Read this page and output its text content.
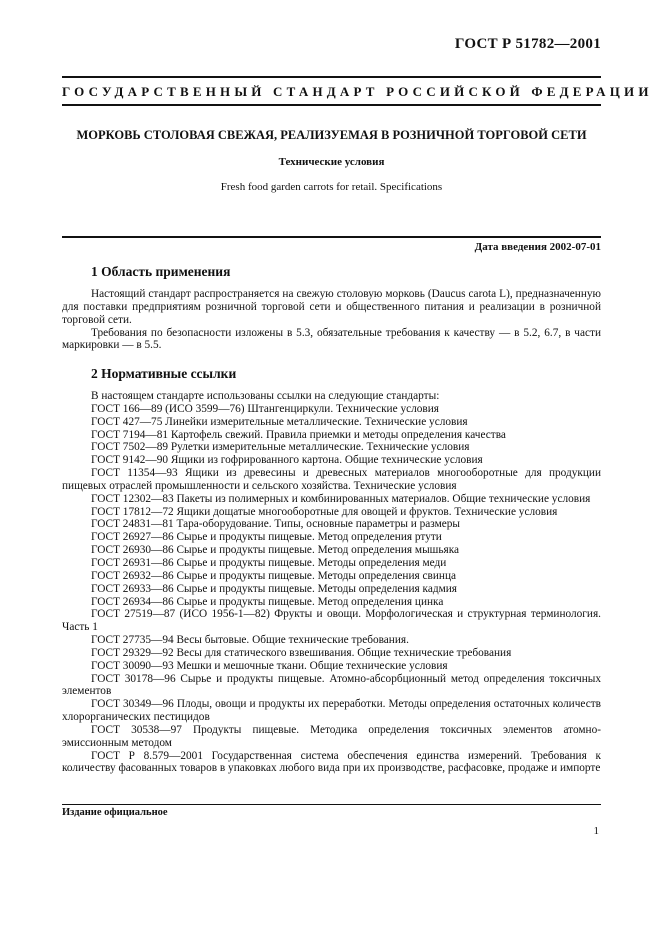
ГОСТ Р 51782—2001
ГОСУДАРСТВЕННЫЙ СТАНДАРТ РОССИЙСКОЙ ФЕДЕРАЦИИ
МОРКОВЬ СТОЛОВАЯ СВЕЖАЯ, РЕАЛИЗУЕМАЯ В РОЗНИЧНОЙ ТОРГОВОЙ СЕТИ
Технические условия
Fresh food garden carrots for retail. Specifications
Дата введения 2002-07-01
1 Область применения

Настоящий стандарт распространяется на свежую столовую морковь (Daucus carota L), предназначенную для поставки предприятиям розничной торговой сети и общественного питания и реализации в розничной торговой сети.

Требования по безопасности изложены в 5.3, обязательные требования к качеству — в 5.2, 6.7, в части маркировки — в 5.5.

2 Нормативные ссылки

В настоящем стандарте использованы ссылки на следующие стандарты:

ГОСТ 166—89 (ИСО 3599—76) Штангенциркули. Технические условия

ГОСТ 427—75 Линейки измерительные металлические. Технические условия

ГОСТ 7194—81 Картофель свежий. Правила приемки и методы определения качества

ГОСТ 7502—89 Рулетки измерительные металлические. Технические условия

ГОСТ 9142—90 Ящики из гофрированного картона. Общие технические условия

ГОСТ 11354—93 Ящики из древесины и древесных материалов многооборотные для продукции пищевых отраслей промышленности и сельского хозяйства. Технические условия

ГОСТ 12302—83 Пакеты из полимерных и комбинированных материалов. Общие технические условия

ГОСТ 17812—72 Ящики дощатые многооборотные для овощей и фруктов. Технические условия

ГОСТ 24831—81 Тара-оборудование. Типы, основные параметры и размеры

ГОСТ 26927—86 Сырье и продукты пищевые. Метод определения ртути

ГОСТ 26930—86 Сырье и продукты пищевые. Метод определения мышьяка

ГОСТ 26931—86 Сырье и продукты пищевые. Методы определения меди

ГОСТ 26932—86 Сырье и продукты пищевые. Методы определения свинца

ГОСТ 26933—86 Сырье и продукты пищевые. Методы определения кадмия

ГОСТ 26934—86 Сырье и продукты пищевые. Метод определения цинка

ГОСТ 27519—87 (ИСО 1956-1—82) Фрукты и овощи. Морфологическая и структурная терминология. Часть 1

ГОСТ 27735—94 Весы бытовые. Общие технические требования.

ГОСТ 29329—92 Весы для статического взвешивания. Общие технические требования

ГОСТ 30090—93 Мешки и мешочные ткани. Общие технические условия

ГОСТ 30178—96 Сырье и продукты пищевые. Атомно-абсорбционный метод определения токсичных элементов

ГОСТ 30349—96 Плоды, овощи и продукты их переработки. Методы определения остаточных количеств хлорорганических пестицидов

ГОСТ 30538—97 Продукты пищевые. Методика определения токсичных элементов атомно-эмиссионным методом

ГОСТ Р 8.579—2001 Государственная система обеспечения единства измерений. Требования к количеству фасованных товаров в упаковках любого вида при их производстве, расфасовке, продаже и импорте

Издание официальное
1
